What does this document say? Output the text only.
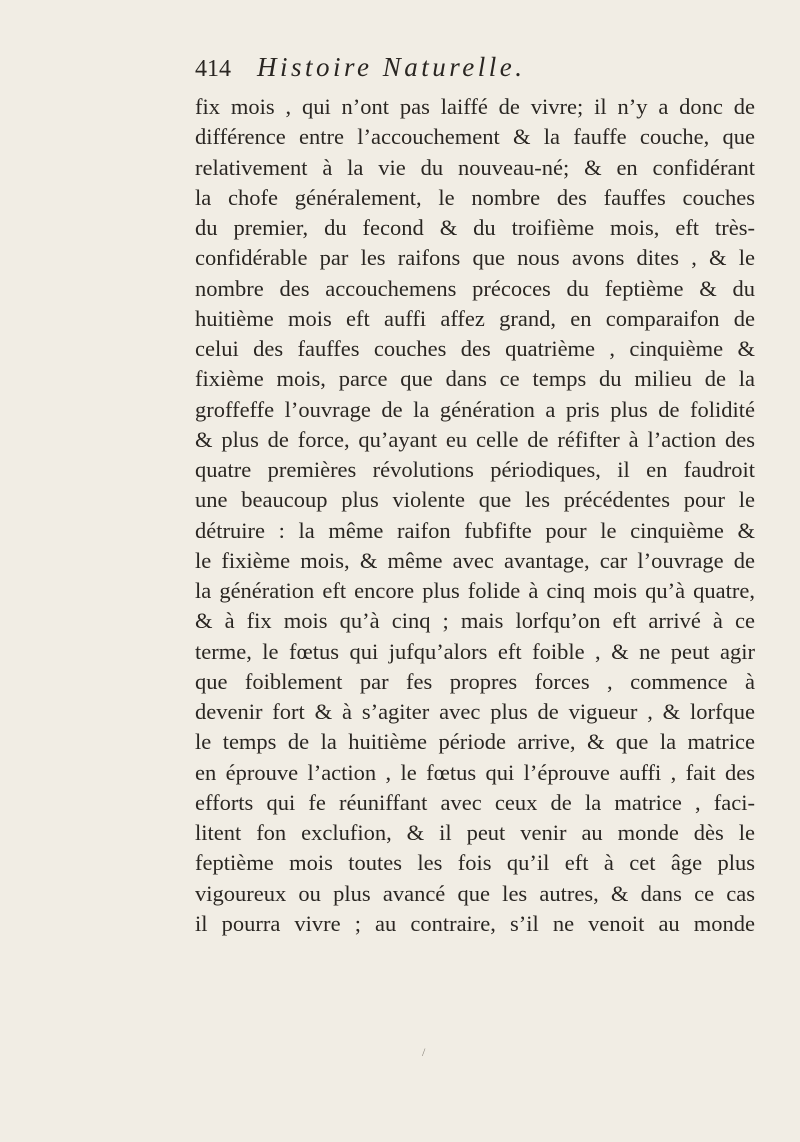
414 Histoire Naturelle.
fix mois , qui n’ont pas laiffé de vivre; il n’y a donc de
différence entre l’accouchement & la fauffe couche, que
relativement à la vie du nouveau-né; & en confidérant
la chofe généralement, le nombre des fauffes couches
du premier, du fecond & du troifième mois, eft très-
confidérable par les raifons que nous avons dites , & le
nombre des accouchemens précoces du feptième & du
huitième mois eft auffi affez grand, en comparaifon de
celui des fauffes couches des quatrième , cinquième &
fixième mois, parce que dans ce temps du milieu de la
groffeffe l’ouvrage de la génération a pris plus de folidité
& plus de force, qu’ayant eu celle de réfifter à l’action des
quatre premières révolutions périodiques, il en faudroit
une beaucoup plus violente que les précédentes pour le
détruire : la même raifon fubfifte pour le cinquième &
le fixième mois, & même avec avantage, car l’ouvrage de
la génération eft encore plus folide à cinq mois qu’à quatre,
& à fix mois qu’à cinq ; mais lorfqu’on eft arrivé à ce
terme, le fœtus qui jufqu’alors eft foible , & ne peut agir
que foiblement par fes propres forces , commence à
devenir fort & à s’agiter avec plus de vigueur , & lorfque
le temps de la huitième période arrive, & que la matrice
en éprouve l’action , le fœtus qui l’éprouve auffi , fait des
efforts qui fe réuniffant avec ceux de la matrice , faci-
litent fon exclufion, & il peut venir au monde dès le
feptième mois toutes les fois qu’il eft à cet âge plus
vigoureux ou plus avancé que les autres, & dans ce cas
il pourra vivre ; au contraire, s’il ne venoit au monde
/
